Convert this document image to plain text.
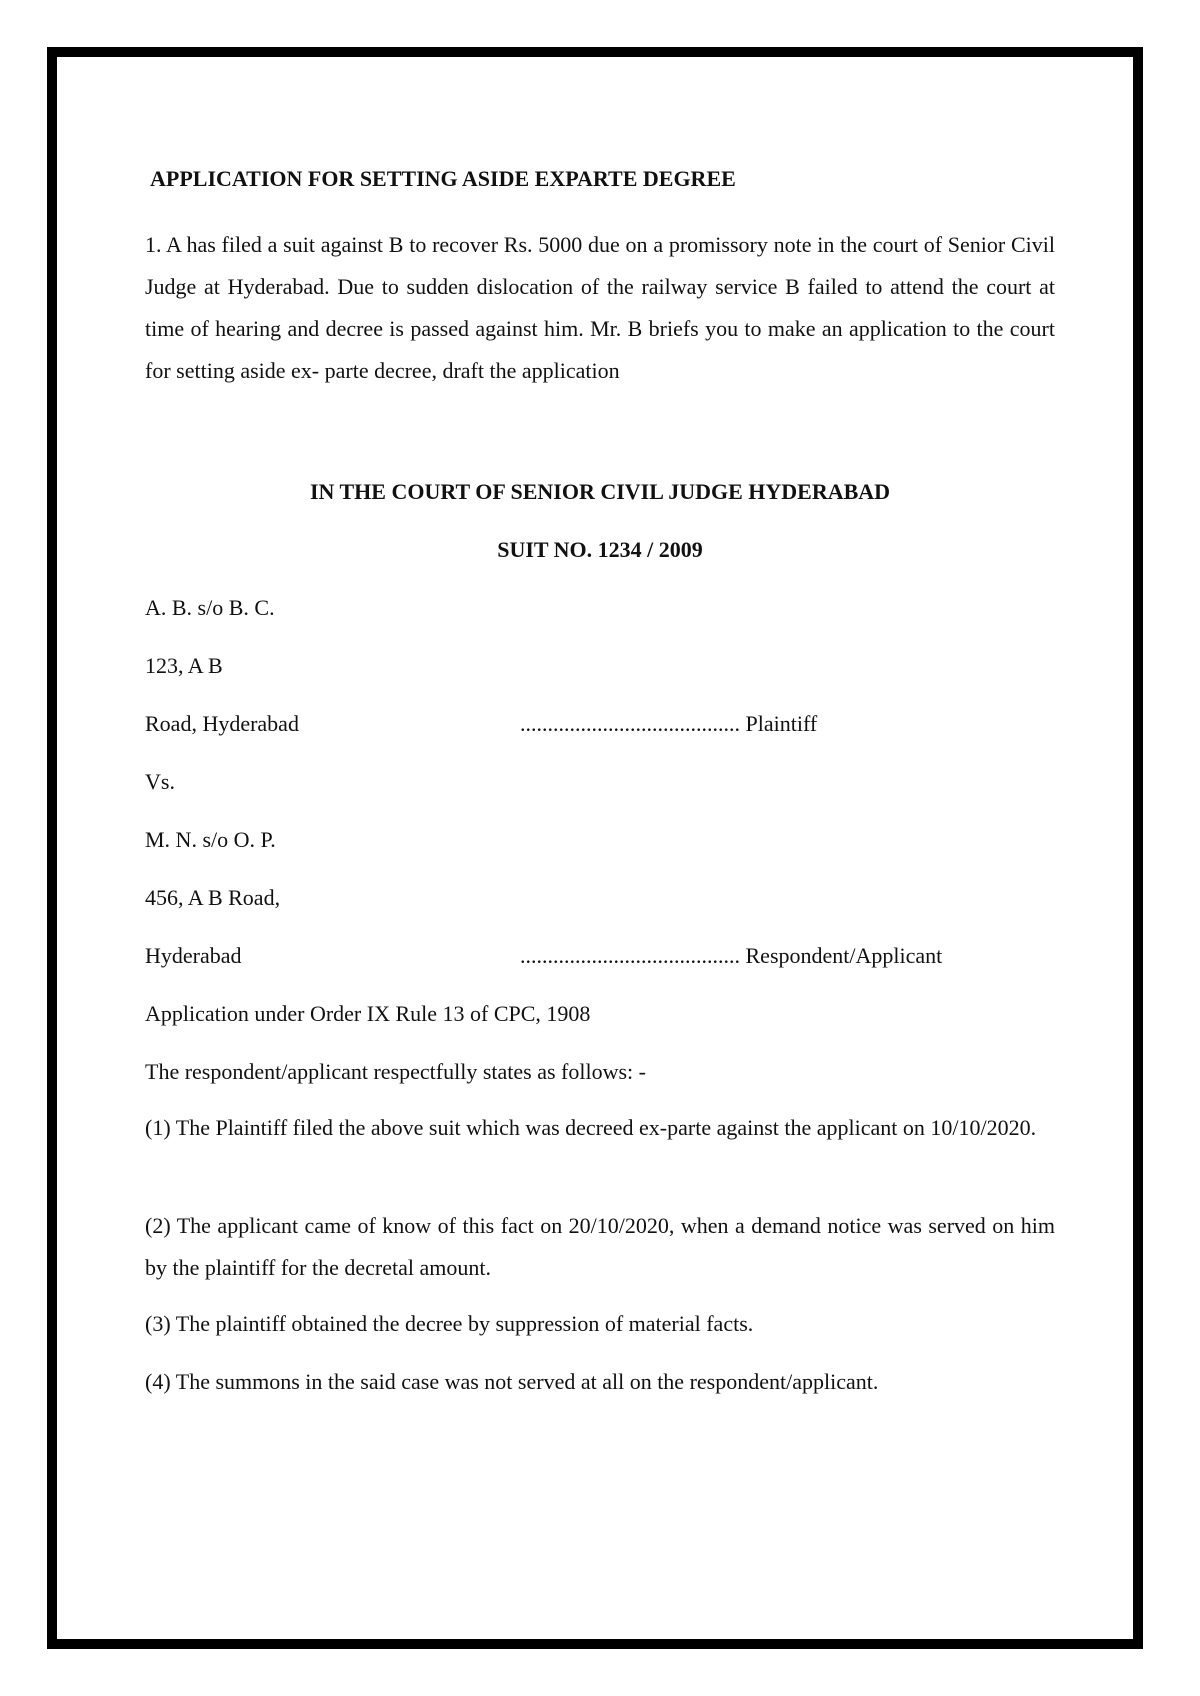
APPLICATION FOR SETTING ASIDE EXPARTE DEGREE

1. A has filed a suit against B to recover Rs. 5000 due on a promissory note in the court of Senior Civil Judge at Hyderabad. Due to sudden dislocation of the railway service B failed to attend the court at time of hearing and decree is passed against him. Mr. B briefs you to make an application to the court for setting aside ex- parte decree, draft the application

IN THE COURT OF SENIOR CIVIL JUDGE HYDERABAD

SUIT NO. 1234 / 2009

A. B. s/o B. C.

123, A B

Road, Hyderabad	........................................ Plaintiff

Vs.

M. N. s/o O. P.

456, A B Road,

Hyderabad	........................................ Respondent/Applicant

Application under Order IX Rule 13 of CPC, 1908

The respondent/applicant respectfully states as follows: -

(1) The Plaintiff filed the above suit which was decreed ex-parte against the applicant on 10/10/2020.

(2) The applicant came of know of this fact on 20/10/2020, when a demand notice was served on him by the plaintiff for the decretal amount.

(3) The plaintiff obtained the decree by suppression of material facts.

(4) The summons in the said case was not served at all on the respondent/applicant.
